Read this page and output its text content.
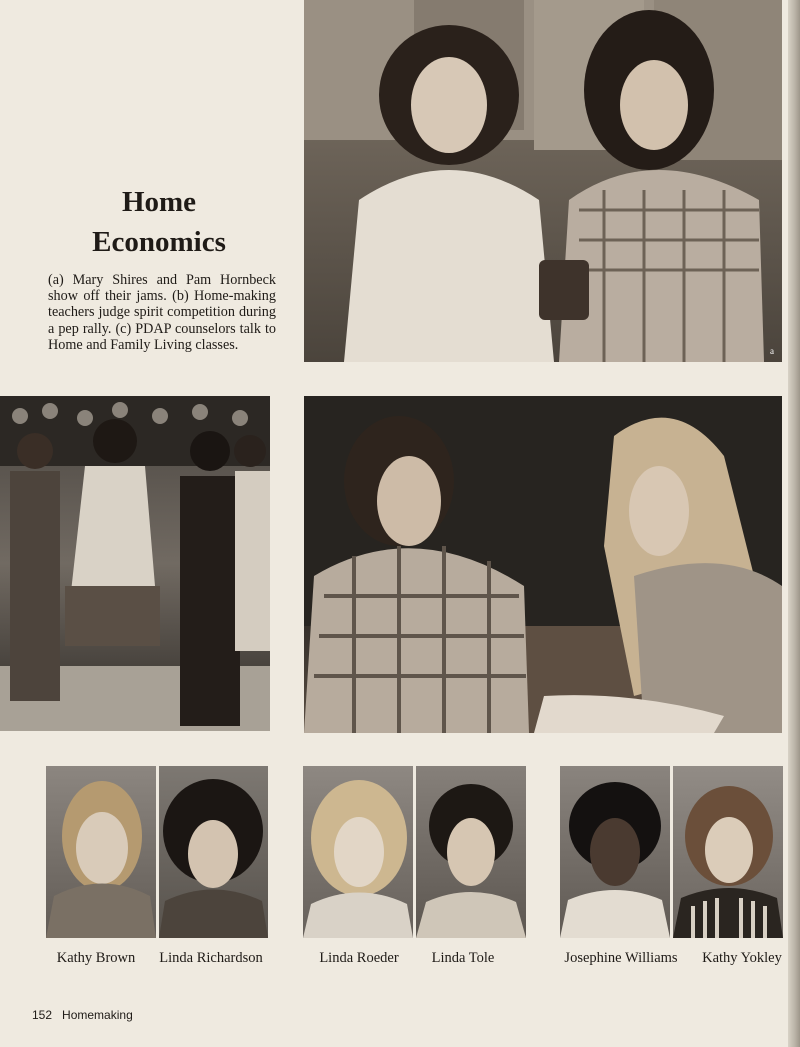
a
Home
Economics
(a) Mary Shires and Pam Hornbeck show off their jams. (b) Home-making teachers judge spirit competition during a pep rally. (c) PDAP counselors talk to Home and Family Living classes.
Kathy Brown	Linda Richardson	Linda Roeder	Linda Tole	Josephine Williams	Kathy Yokley
152 Homemaking
